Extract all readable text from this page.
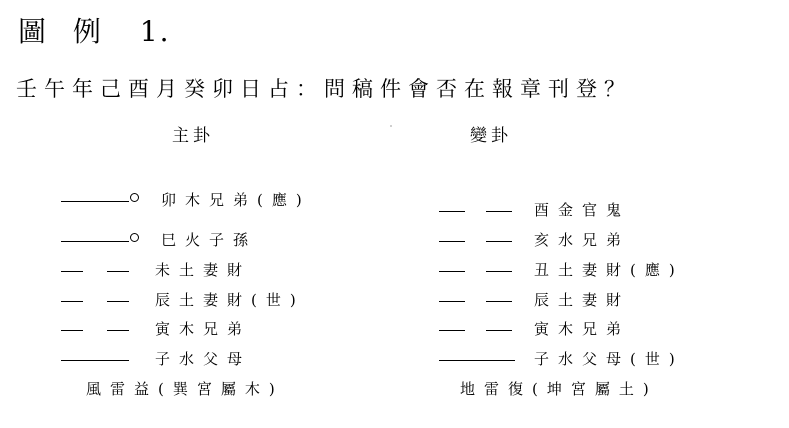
圖 例 1.
壬午年己酉月癸卯日占：問稿件會否在報章刊登？
主卦	變卦
卯木兄弟(應)
巳火子孫
未土妻財
辰土妻財(世)
寅木兄弟
子水父母
酉金官鬼
亥水兄弟
丑土妻財(應)
辰土妻財
寅木兄弟
子水父母(世)
風雷益(巽宮屬木)	地雷復(坤宮屬土)
